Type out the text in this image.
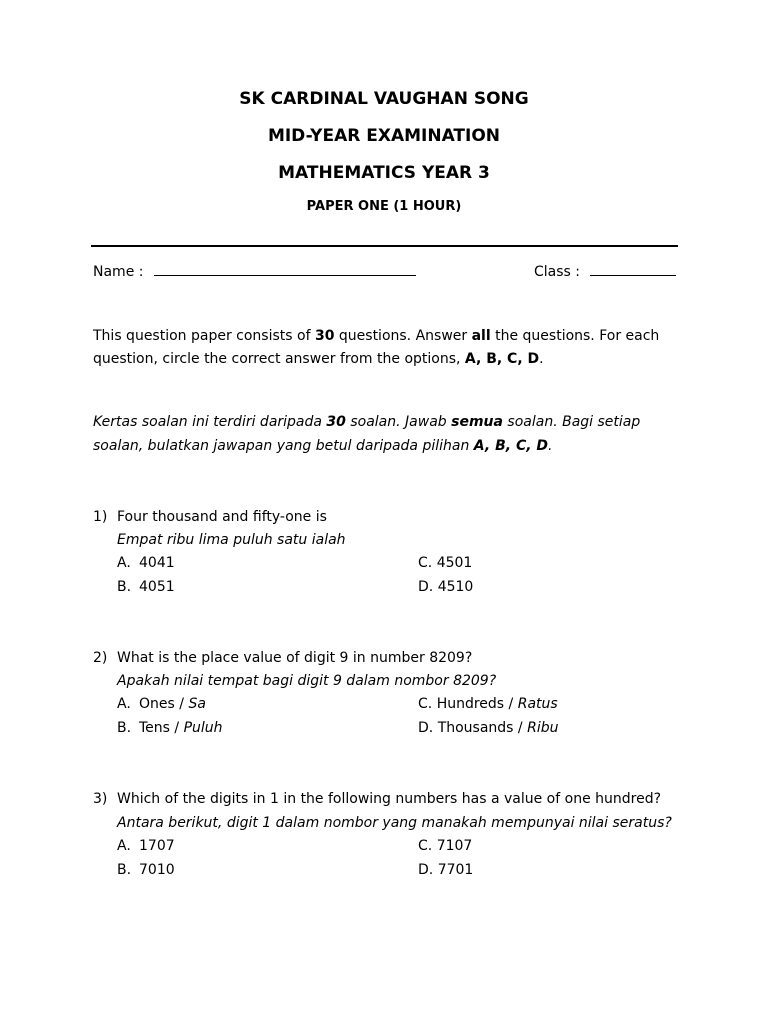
SK CARDINAL VAUGHAN SONG
MID-YEAR EXAMINATION
MATHEMATICS YEAR 3
PAPER ONE (1 HOUR)
Name :	Class :
This question paper consists of 30 questions. Answer all the questions. For each
question, circle the correct answer from the options, A, B, C, D.
Kertas soalan ini terdiri daripada 30 soalan. Jawab semua soalan. Bagi setiap
soalan, bulatkan jawapan yang betul daripada pilihan A, B, C, D.
1) Four thousand and fifty-one is
Empat ribu lima puluh satu ialah
A. 4041
B. 4051
C. 4501
D. 4510
2) What is the place value of digit 9 in number 8209?
Apakah nilai tempat bagi digit 9 dalam nombor 8209?
A. Ones / Sa
B. Tens / Puluh
C. Hundreds / Ratus
D. Thousands / Ribu
3) Which of the digits in 1 in the following numbers has a value of one hundred?
Antara berikut, digit 1 dalam nombor yang manakah mempunyai nilai seratus?
A. 1707
B. 7010
C. 7107
D. 7701
